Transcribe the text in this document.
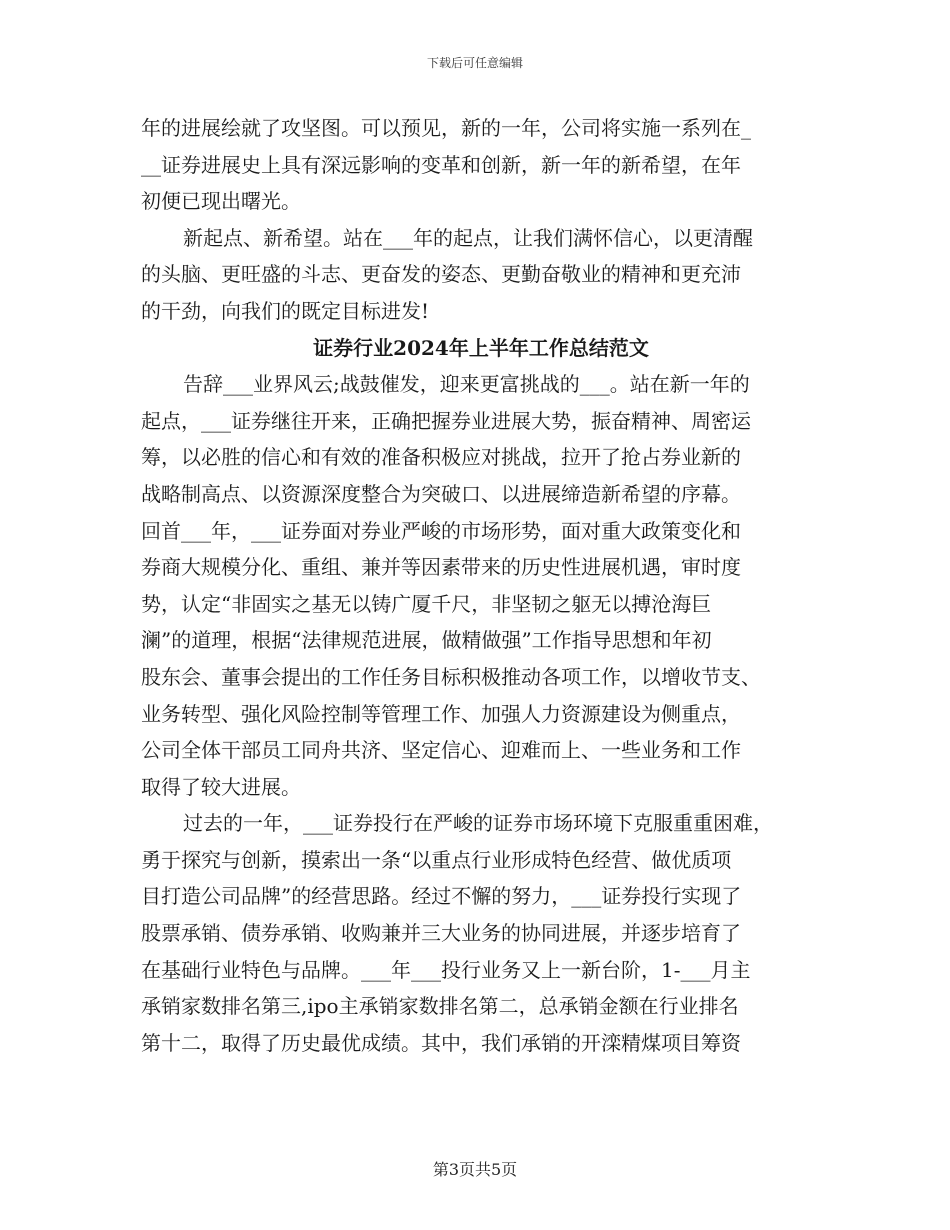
下载后可任意编辑
年的进展绘就了攻坚图。可以预见，新的一年，公司将实施一系列在_
__证券进展史上具有深远影响的变革和创新，新一年的新希望，在年
初便已现出曙光。
新起点、新希望。站在___年的起点，让我们满怀信心，以更清醒
的头脑、更旺盛的斗志、更奋发的姿态、更勤奋敬业的精神和更充沛
的干劲，向我们的既定目标进发!
证券行业2024年上半年工作总结范文
告辞___业界风云;战鼓催发，迎来更富挑战的___。站在新一年的
起点，___证券继往开来，正确把握券业进展大势，振奋精神、周密运
筹，以必胜的信心和有效的准备积极应对挑战，拉开了抢占券业新的
战略制高点、以资源深度整合为突破口、以进展缔造新希望的序幕。
回首___年，___证券面对券业严峻的市场形势，面对重大政策变化和
券商大规模分化、重组、兼并等因素带来的历史性进展机遇，审时度
势，认定“非固实之基无以铸广厦千尺，非坚韧之躯无以搏沧海巨
澜”的道理，根据“法律规范进展，做精做强”工作指导思想和年初
股东会、董事会提出的工作任务目标积极推动各项工作，以增收节支、
业务转型、强化风险控制等管理工作、加强人力资源建设为侧重点，
公司全体干部员工同舟共济、坚定信心、迎难而上、一些业务和工作
取得了较大进展。
过去的一年，___证券投行在严峻的证券市场环境下克服重重困难，
勇于探究与创新，摸索出一条“以重点行业形成特色经营、做优质项
目打造公司品牌”的经营思路。经过不懈的努力，___证券投行实现了
股票承销、债券承销、收购兼并三大业务的协同进展，并逐步培育了
在基础行业特色与品牌。___年___投行业务又上一新台阶，1-___月主
承销家数排名第三,ipo主承销家数排名第二，总承销金额在行业排名
第十二，取得了历史最优成绩。其中，我们承销的开滦精煤项目筹资
第3页共5页
